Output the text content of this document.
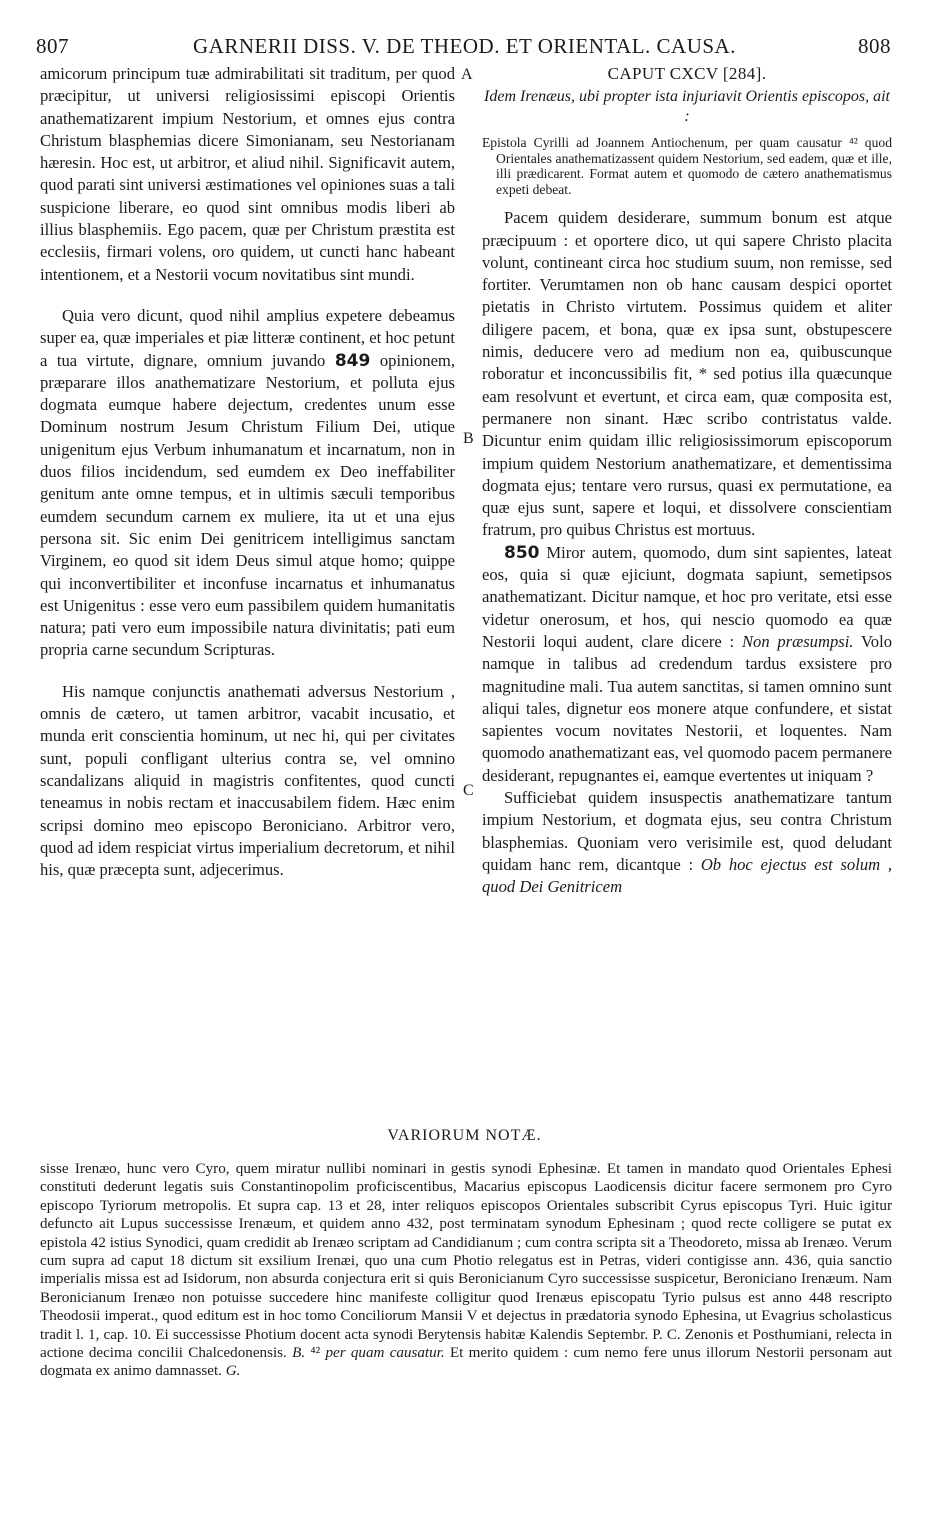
807	GARNERII DISS. V. DE THEOD. ET ORIENTAL. CAUSA.	808
A
B
C

amicorum principum tuæ admirabilitati sit traditum, per quod præcipitur, ut universi religiosissimi episcopi Orientis anathematizarent impium Nestorium, et omnes ejus contra Christum blasphemias dicere Simonianam, seu Nestorianam hæresin. Hoc est, ut arbitror, et aliud nihil. Significavit autem, quod parati sint universi æstimationes vel opiniones suas a tali suspicione liberare, eo quod sint omnibus modis liberi ab illius blasphemiis. Ego pacem, quæ per Christum præstita est ecclesiis, firmari volens, oro quidem, ut cuncti hanc habeant intentionem, et a Nestorii vocum novitatibus sint mundi.

Quia vero dicunt, quod nihil amplius expetere debeamus super ea, quæ imperiales et piæ litteræ continent, et hoc petunt a tua virtute, dignare, omnium juvando 849 opinionem, præparare illos anathematizare Nestorium, et polluta ejus dogmata eumque habere dejectum, credentes unum esse Dominum nostrum Jesum Christum Filium Dei, utique unigenitum ejus Verbum inhumanatum et incarnatum, non in duos filios incidendum, sed eumdem ex Deo ineffabiliter genitum ante omne tempus, et in ultimis sæculi temporibus eumdem secundum carnem ex muliere, ita ut et una ejus persona sit. Sic enim Dei genitricem intelligimus sanctam Virginem, eo quod sit idem Deus simul atque homo; quippe qui inconvertibiliter et inconfuse incarnatus et inhumanatus est Unigenitus : esse vero eum passibilem quidem humanitatis natura; pati vero eum impossibile natura divinitatis; pati eum propria carne secundum Scripturas.

His namque conjunctis anathemati adversus Nestorium , omnis de cætero, ut tamen arbitror, vacabit incusatio, et munda erit conscientia hominum, ut nec hi, qui per civitates sunt, populi confligant ulterius contra se, vel omnino scandalizans aliquid in magistris confitentes, quod cuncti teneamus in nobis rectam et inaccusabilem fidem. Hæc enim scripsi domino meo episcopo Beroniciano. Arbitror vero, quod ad idem respiciat virtus imperialium decretorum, et nihil his, quæ præcepta sunt, adjecerimus.

CAPUT CXCV [284].
Idem Irenæus, ubi propter ista injuriavit Orientis episcopos, ait :
Epistola Cyrilli ad Joannem Antiochenum, per quam causatur ⁴² quod Orientales anathematizassent quidem Nestorium, sed eadem, quæ et ille, illi prædicarent. Format autem et quomodo de cætero anathematismus expeti debeat.

Pacem quidem desiderare, summum bonum est atque præcipuum : et oportere dico, ut qui sapere Christo placita volunt, contineant circa hoc studium suum, non remisse, sed fortiter. Verumtamen non ob hanc causam despici oportet pietatis in Christo virtutem. Possimus quidem et aliter diligere pacem, et bona, quæ ex ipsa sunt, obstupescere nimis, deducere vero ad medium non ea, quibuscunque roboratur et inconcussibilis fit, * sed potius illa quæcunque eam resolvunt et evertunt, et circa eam, quæ composita est, permanere non sinant. Hæc scribo contristatus valde. Dicuntur enim quidam illic religiosissimorum episcoporum impium quidem Nestorium anathematizare, et dementissima dogmata ejus; tentare vero rursus, quasi ex permutatione, ea quæ ejus sunt, sapere et loqui, et dissolvere conscientiam fratrum, pro quibus Christus est mortuus.

850 Miror autem, quomodo, dum sint sapientes, lateat eos, quia si quæ ejiciunt, dogmata sapiunt, semetipsos anathematizant. Dicitur namque, et hoc pro veritate, etsi esse videtur onerosum, et hos, qui nescio quomodo ea quæ Nestorii loqui audent, clare dicere : Non præsumpsi. Volo namque in talibus ad credendum tardus exsistere pro magnitudine mali. Tua autem sanctitas, si tamen omnino sunt aliqui tales, dignetur eos monere atque confundere, et sistat sapientes vocum novitates Nestorii, et loquentes. Nam quomodo anathematizant eas, vel quomodo pacem permanere desiderant, repugnantes ei, eamque evertentes ut iniquam ?

Sufficiebat quidem insuspectis anathematizare tantum impium Nestorium, et dogmata ejus, seu contra Christum blasphemias. Quoniam vero verisimile est, quod deludant quidam hanc rem, dicantque : Ob hoc ejectus est solum , quod Dei Genitricem

VARIORUM NOTÆ.
sisse Irenæo, hunc vero Cyro, quem miratur nullibi nominari in gestis synodi Ephesinæ. Et tamen in mandato quod Orientales Ephesi constituti dederunt legatis suis Constantinopolim proficiscentibus, Macarius episcopus Laodicensis dicitur facere sermonem pro Cyro episcopo Tyriorum metropolis. Et supra cap. 13 et 28, inter reliquos episcopos Orientales subscribit Cyrus episcopus Tyri. Huic igitur defuncto ait Lupus successisse Irenæum, et quidem anno 432, post terminatam synodum Ephesinam ; quod recte colligere se putat ex epistola 42 istius Synodici, quam credidit ab Irenæo scriptam ad Candidianum ; cum contra scripta sit a Theodoreto, missa ab Irenæo. Verum cum supra ad caput 18 dictum sit exsilium Irenæi, quo una cum Photio relegatus est in Petras, videri contigisse ann. 436, quia sanctio imperialis missa est ad Isidorum, non absurda conjectura erit si quis Beronicianum Cyro successisse suspicetur, Beroniciano Irenæum. Nam Beronicianum Irenæo non potuisse succedere hinc manifeste colligitur quod Irenæus episcopatu Tyrio pulsus est anno 448 rescripto Theodosii imperat., quod editum est in hoc tomo Conciliorum Mansii V et dejectus in prædatoria synodo Ephesina, ut Evagrius scholasticus tradit l. 1, cap. 10. Ei successisse Photium docent acta synodi Berytensis habitæ Kalendis Septembr. P. C. Zenonis et Posthumiani, relecta in actione decima concilii Chalcedonensis. B. ⁴² per quam causatur. Et merito quidem : cum nemo fere unus illorum Nestorii personam aut dogmata ex animo damnasset. G.
